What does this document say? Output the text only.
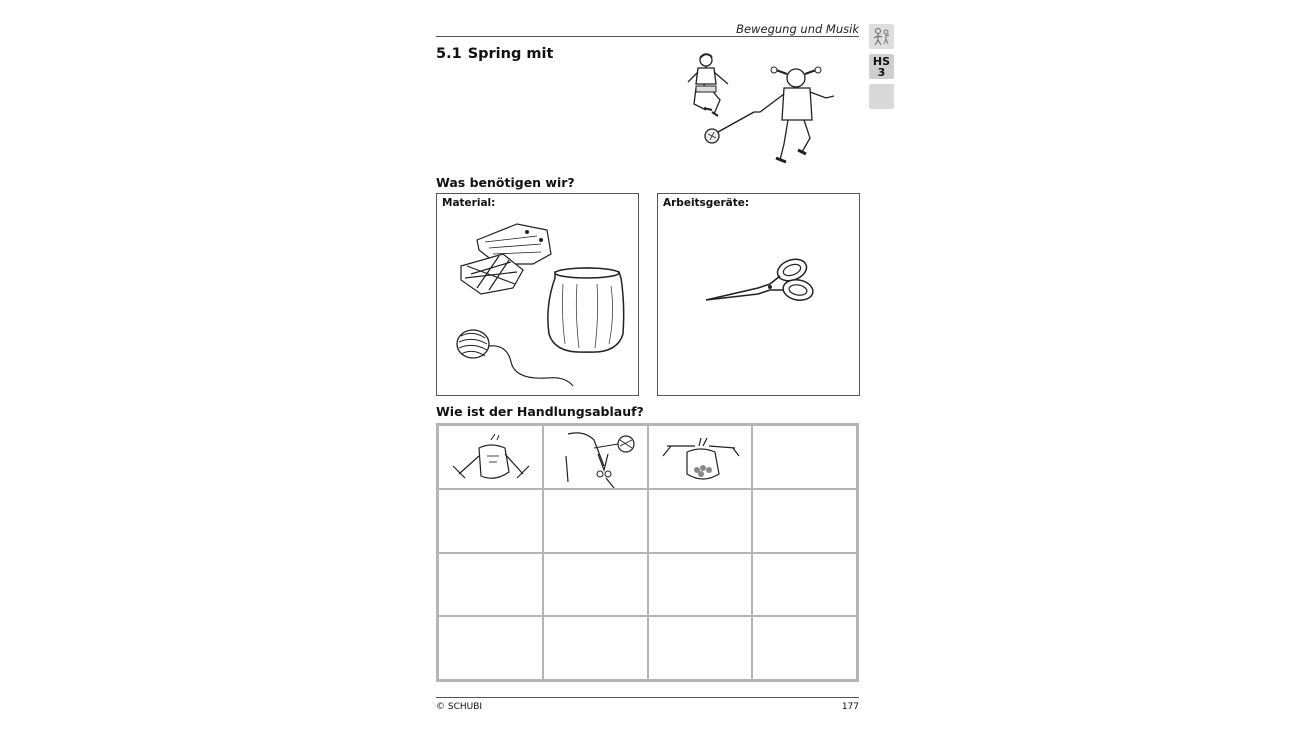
Bewegung und Musik
HS 3
5.1 Spring mit
Was benötigen wir?
Material:	Arbeitsgeräte:
Wie ist der Handlungsablauf?
© SCHUBI	177
